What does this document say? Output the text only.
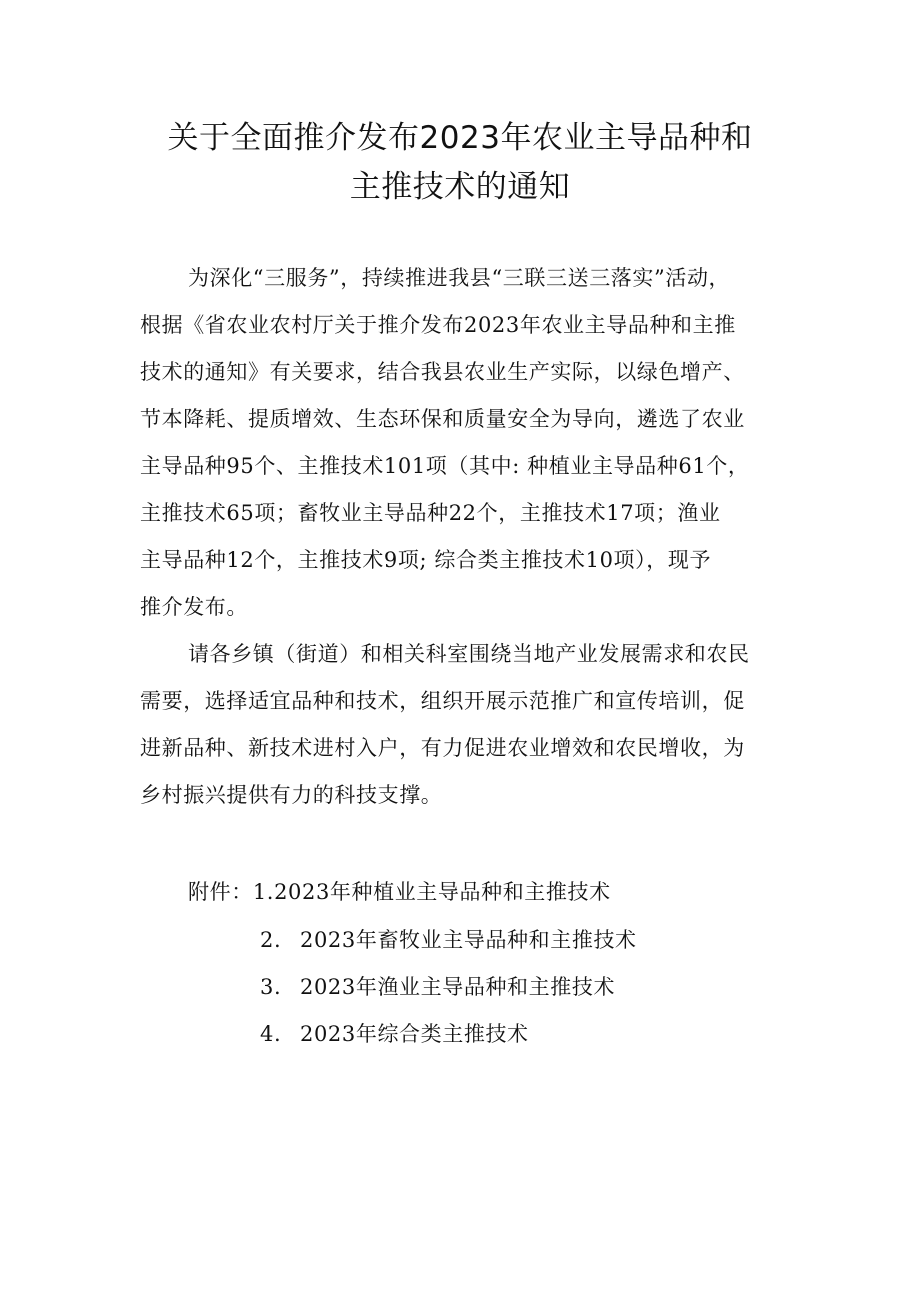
关于全面推介发布2023年农业主导品种和
主推技术的通知
为深化“三服务”，持续推进我县“三联三送三落实”活动，
根据《省农业农村厅关于推介发布2023年农业主导品种和主推
技术的通知》有关要求，结合我县农业生产实际，以绿色增产、
节本降耗、提质增效、生态环保和质量安全为导向，遴选了农业
主导品种95个、主推技术101项（其中: 种植业主导品种61个，
主推技术65项；畜牧业主导品种22个，主推技术17项；渔业
主导品种12个，主推技术9项; 综合类主推技术10项），现予
推介发布。
请各乡镇（街道）和相关科室围绕当地产业发展需求和农民
需要，选择适宜品种和技术，组织开展示范推广和宣传培训，促
进新品种、新技术进村入户，有力促进农业增效和农民增收，为
乡村振兴提供有力的科技支撑。
附件：1.2023年种植业主导品种和主推技术
2. 2023年畜牧业主导品种和主推技术
3. 2023年渔业主导品种和主推技术
4. 2023年综合类主推技术
